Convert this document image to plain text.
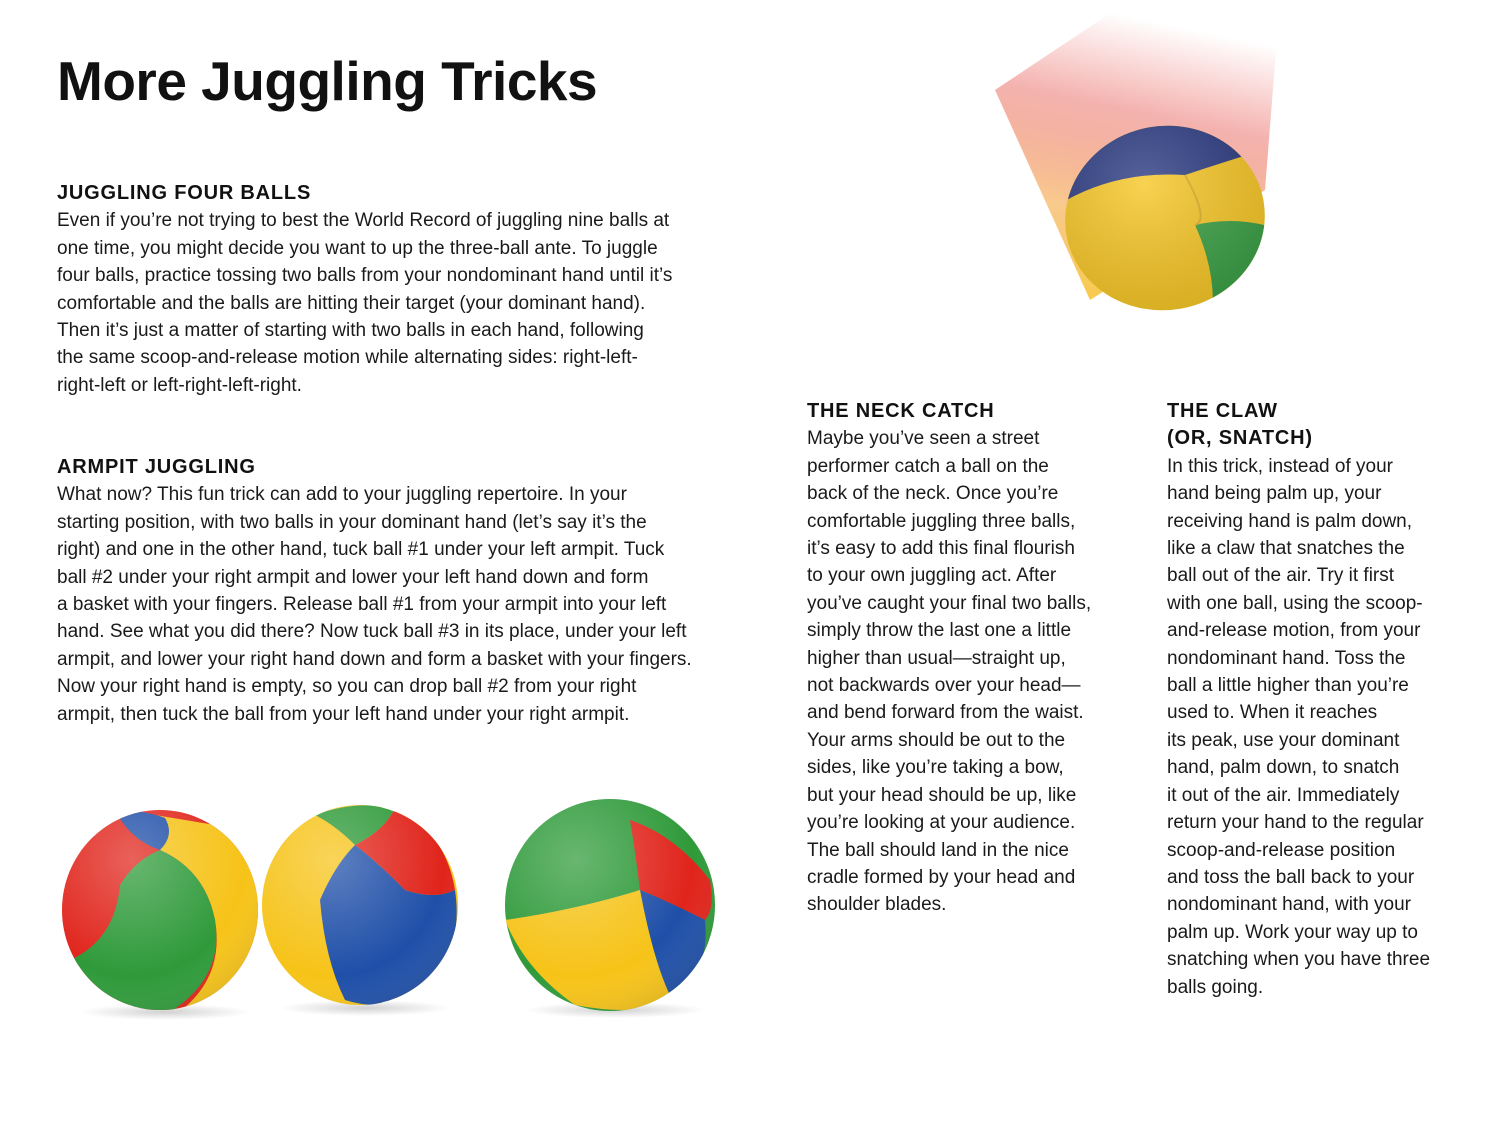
More Juggling Tricks
JUGGLING FOUR BALLS

Even if you’re not trying to best the World Record of juggling nine balls at
one time, you might decide you want to up the three-ball ante. To juggle
four balls, practice tossing two balls from your nondominant hand until it’s
comfortable and the balls are hitting their target (your dominant hand).
Then it’s just a matter of starting with two balls in each hand, following
the same scoop-and-release motion while alternating sides: right-left-
right-left or left-right-left-right.

ARMPIT JUGGLING

What now? This fun trick can add to your juggling repertoire. In your
starting position, with two balls in your dominant hand (let’s say it’s the
right) and one in the other hand, tuck ball #1 under your left armpit. Tuck
ball #2 under your right armpit and lower your left hand down and form
a basket with your fingers. Release ball #1 from your armpit into your left
hand. See what you did there? Now tuck ball #3 in its place, under your left
armpit, and lower your right hand down and form a basket with your fingers.
Now your right hand is empty, so you can drop ball #2 from your right
armpit, then tuck the ball from your left hand under your right armpit.

THE NECK CATCH

Maybe you’ve seen a street
performer catch a ball on the
back of the neck. Once you’re
comfortable juggling three balls,
it’s easy to add this final flourish
to your own juggling act. After
you’ve caught your final two balls,
simply throw the last one a little
higher than usual—straight up,
not backwards over your head—
and bend forward from the waist.
Your arms should be out to the
sides, like you’re taking a bow,
but your head should be up, like
you’re looking at your audience.
The ball should land in the nice
cradle formed by your head and
shoulder blades.

THE CLAW
(OR, SNATCH)

In this trick, instead of your
hand being palm up, your
receiving hand is palm down,
like a claw that snatches the
ball out of the air. Try it first
with one ball, using the scoop-
and-release motion, from your
nondominant hand. Toss the
ball a little higher than you’re
used to. When it reaches
its peak, use your dominant
hand, palm down, to snatch
it out of the air. Immediately
return your hand to the regular
scoop-and-release position
and toss the ball back to your
nondominant hand, with your
palm up. Work your way up to
snatching when you have three
balls going.
